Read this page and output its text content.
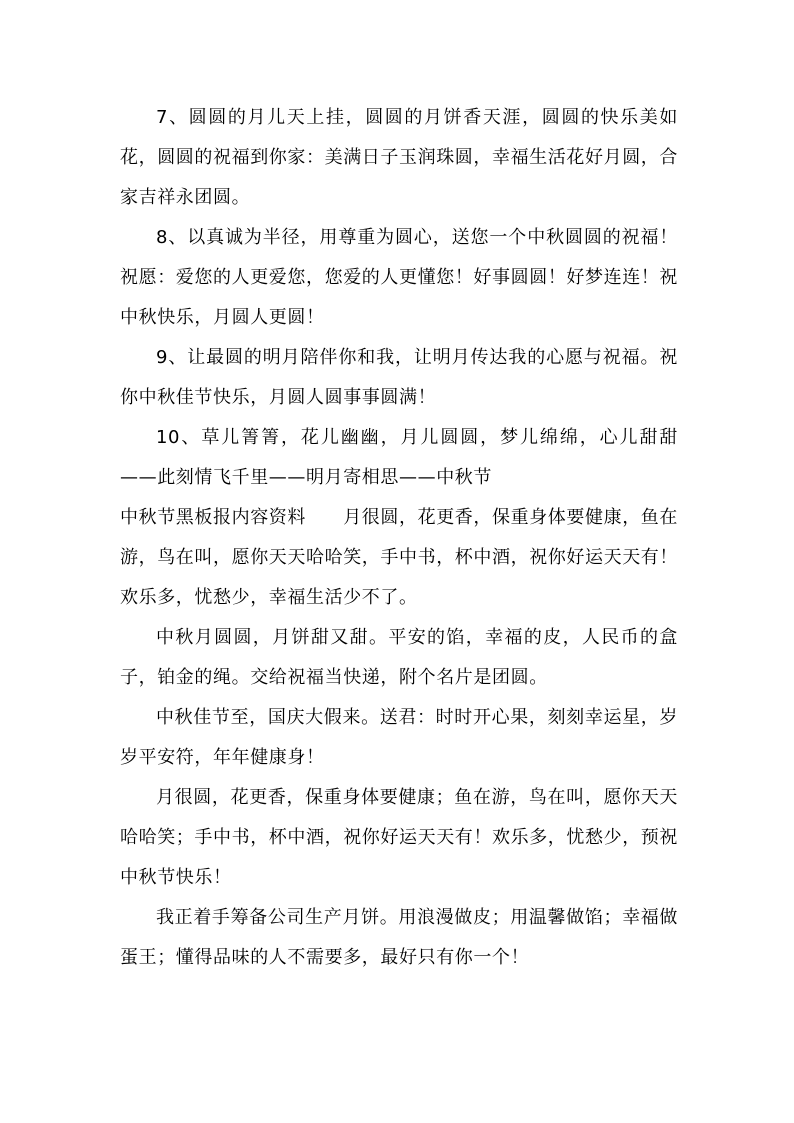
7、圆圆的月儿天上挂，圆圆的月饼香天涯，圆圆的快乐美如花，圆圆的祝福到你家：美满日子玉润珠圆，幸福生活花好月圆，合家吉祥永团圆。

8、以真诚为半径，用尊重为圆心，送您一个中秋圆圆的祝福！祝愿：爱您的人更爱您，您爱的人更懂您！好事圆圆！好梦连连！祝中秋快乐，月圆人更圆！

9、让最圆的明月陪伴你和我，让明月传达我的心愿与祝福。祝你中秋佳节快乐，月圆人圆事事圆满！

10、草儿箐箐，花儿幽幽，月儿圆圆，梦儿绵绵，心儿甜甜——此刻情飞千里——明月寄相思——中秋节

中秋节黑板报内容资料　　月很圆，花更香，保重身体要健康，鱼在游，鸟在叫，愿你天天哈哈笑，手中书，杯中酒，祝你好运天天有！欢乐多，忧愁少，幸福生活少不了。

中秋月圆圆，月饼甜又甜。平安的馅，幸福的皮，人民币的盒子，铂金的绳。交给祝福当快递，附个名片是团圆。

中秋佳节至，国庆大假来。送君：时时开心果，刻刻幸运星，岁岁平安符，年年健康身！

月很圆，花更香，保重身体要健康；鱼在游，鸟在叫，愿你天天哈哈笑；手中书，杯中酒，祝你好运天天有！欢乐多，忧愁少，预祝中秋节快乐！

我正着手筹备公司生产月饼。用浪漫做皮；用温馨做馅；幸福做蛋王；懂得品味的人不需要多，最好只有你一个！
